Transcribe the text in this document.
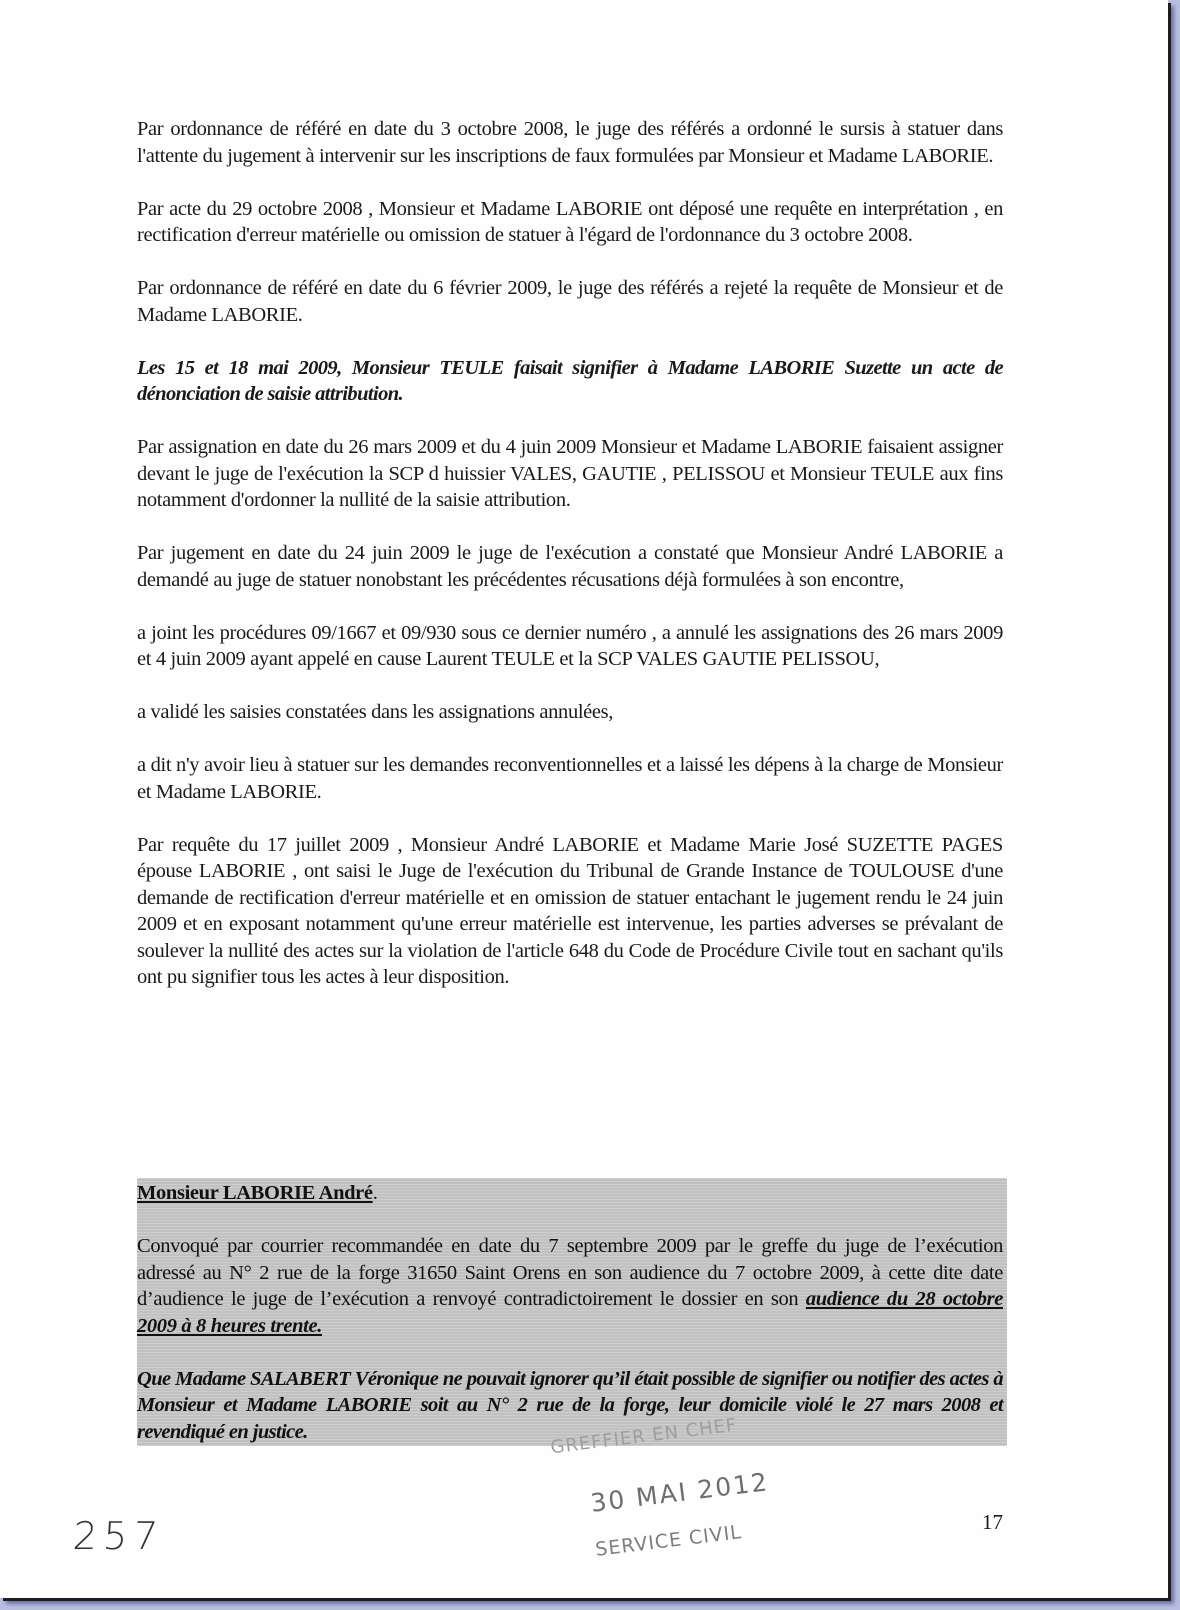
Par ordonnance de référé en date du 3 octobre 2008, le juge des référés a ordonné le sursis à statuer dans l'attente du jugement à intervenir sur les inscriptions de faux formulées par Monsieur et Madame LABORIE.

Par acte du 29 octobre 2008 , Monsieur et Madame LABORIE ont déposé une requête en interprétation , en rectification d'erreur matérielle ou omission de statuer à l'égard de l'ordonnance du 3 octobre 2008.

Par ordonnance de référé en date du 6 février 2009, le juge des référés a rejeté la requête de Monsieur et de Madame LABORIE.

Les 15 et 18 mai 2009, Monsieur TEULE faisait signifier à Madame LABORIE Suzette un acte de dénonciation de saisie attribution.

Par assignation en date du 26 mars 2009 et du 4 juin 2009 Monsieur et Madame LABORIE faisaient assigner devant le juge de l'exécution la SCP d huissier VALES, GAUTIE , PELISSOU et Monsieur TEULE aux fins notamment d'ordonner la nullité de la saisie attribution.

Par jugement en date du 24 juin 2009 le juge de l'exécution a constaté que Monsieur André LABORIE a demandé au juge de statuer nonobstant les précédentes récusations déjà formulées à son encontre,

a joint les procédures 09/1667 et 09/930 sous ce dernier numéro , a annulé les assignations des 26 mars 2009 et 4 juin 2009 ayant appelé en cause Laurent TEULE et la SCP VALES GAUTIE PELISSOU,

a validé les saisies constatées dans les assignations annulées,

a dit n'y avoir lieu à statuer sur les demandes reconventionnelles et a laissé les dépens à la charge de Monsieur et Madame LABORIE.

Par requête du 17 juillet 2009 , Monsieur André LABORIE et Madame Marie José SUZETTE PAGES épouse LABORIE , ont saisi le Juge de l'exécution du Tribunal de Grande Instance de TOULOUSE d'une demande de rectification d'erreur matérielle et en omission de statuer entachant le jugement rendu le 24 juin 2009 et en exposant notamment qu'une erreur matérielle est intervenue, les parties adverses se prévalant de soulever la nullité des actes sur la violation de l'article 648 du Code de Procédure Civile tout en sachant qu'ils ont pu signifier tous les actes à leur disposition.

Monsieur LABORIE André.

Convoqué par courrier recommandée en date du 7 septembre 2009 par le greffe du juge de l’exécution adressé au N° 2 rue de la forge 31650 Saint Orens en son audience du 7 octobre 2009, à cette dite date d’audience le juge de l’exécution a renvoyé contradictoirement le dossier en son audience du 28 octobre 2009 à 8 heures trente.

Que Madame SALABERT Véronique ne pouvait ignorer qu’il était possible de signifier ou notifier des actes à Monsieur et Madame LABORIE soit au N° 2 rue de la forge, leur domicile violé le 27 mars 2008 et revendiqué en justice.	GREFFIER EN CHEF
30 MAI 2012
SERVICE CIVIL
257	17
